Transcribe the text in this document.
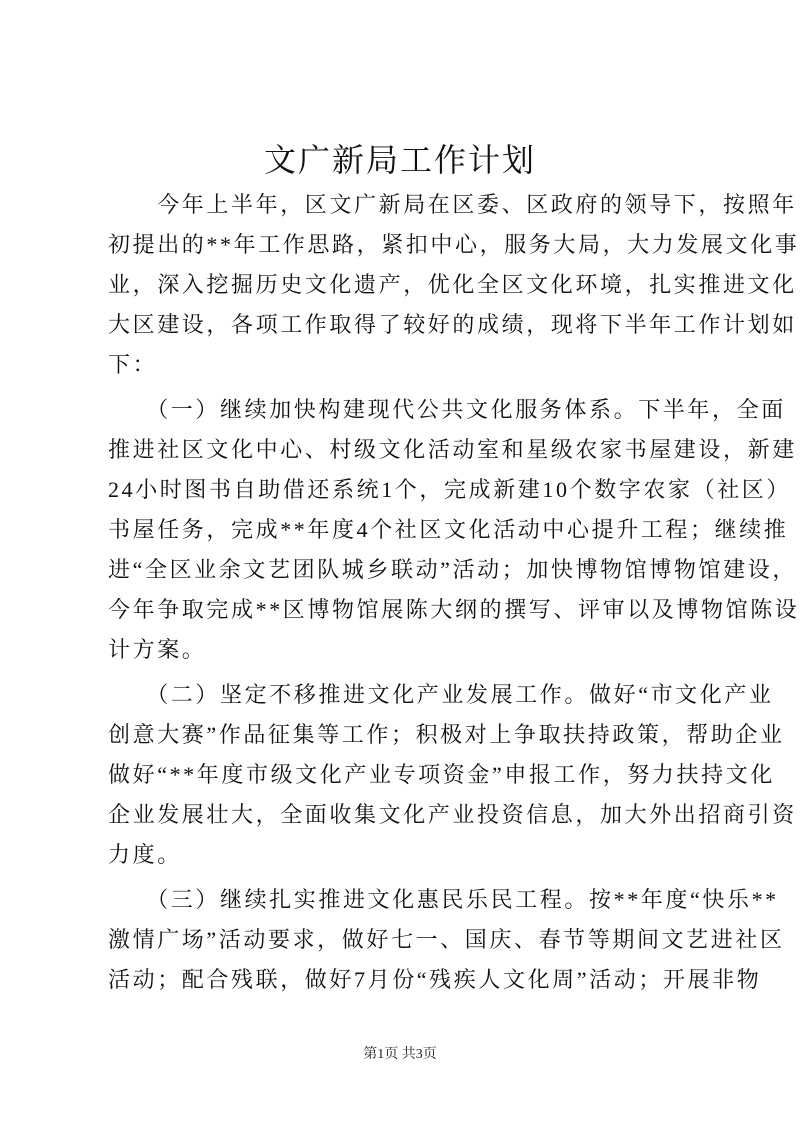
文广新局工作计划
　　今年上半年，区文广新局在区委、区政府的领导下，按照年
初提出的**年工作思路，紧扣中心，服务大局，大力发展文化事
业，深入挖掘历史文化遗产，优化全区文化环境，扎实推进文化
大区建设，各项工作取得了较好的成绩，现将下半年工作计划如
下：
　　（一）继续加快构建现代公共文化服务体系。下半年，全面
推进社区文化中心、村级文化活动室和星级农家书屋建设，新建
24小时图书自助借还系统1个，完成新建10个数字农家（社区）
书屋任务，完成**年度4个社区文化活动中心提升工程；继续推
进“全区业余文艺团队城乡联动”活动；加快博物馆博物馆建设，
今年争取完成**区博物馆展陈大纲的撰写、评审以及博物馆陈设
计方案。
　　（二）坚定不移推进文化产业发展工作。做好“市文化产业
创意大赛”作品征集等工作；积极对上争取扶持政策，帮助企业
做好“**年度市级文化产业专项资金”申报工作，努力扶持文化
企业发展壮大，全面收集文化产业投资信息，加大外出招商引资
力度。
　　（三）继续扎实推进文化惠民乐民工程。按**年度“快乐**
激情广场”活动要求，做好七一、国庆、春节等期间文艺进社区
活动；配合残联，做好7月份“残疾人文化周”活动；开展非物
第1页 共3页
